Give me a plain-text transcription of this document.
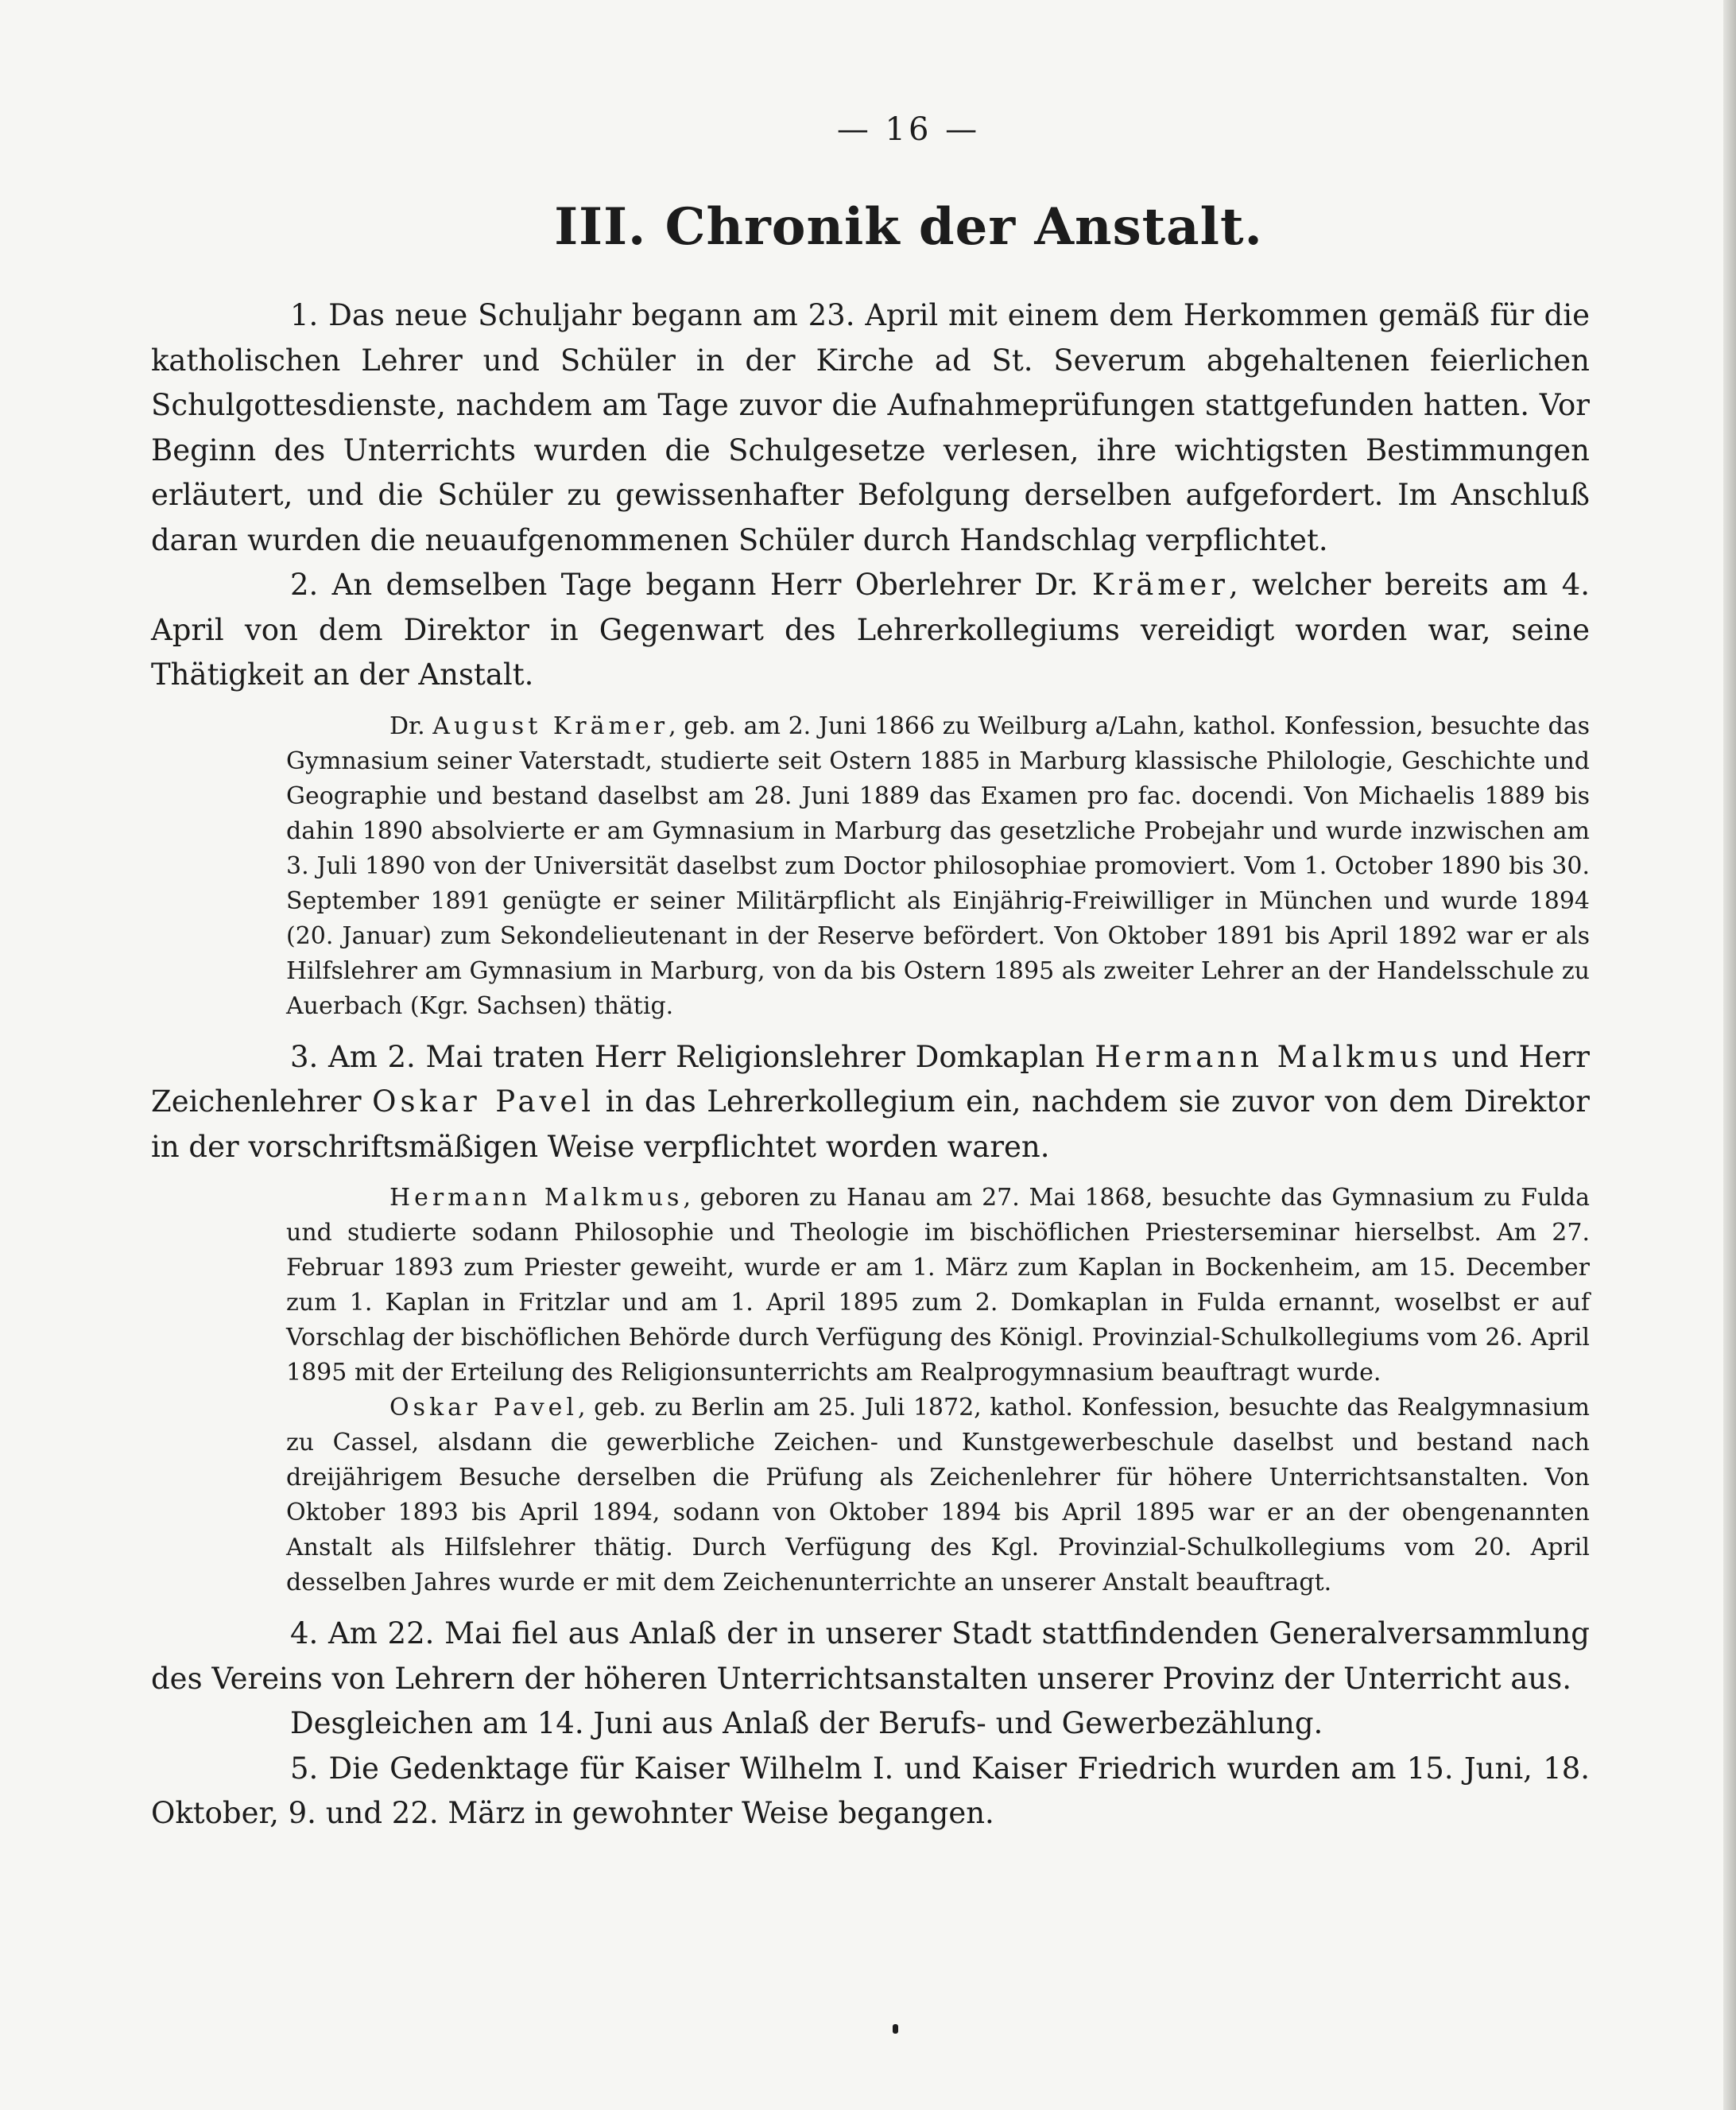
— 16 —
III. Chronik der Anstalt.

1. Das neue Schuljahr begann am 23. April mit einem dem Herkommen gemäß für die katholischen Lehrer und Schüler in der Kirche ad St. Severum abgehaltenen feierlichen Schulgottesdienste, nachdem am Tage zuvor die Aufnahmeprüfungen stattgefunden hatten. Vor Beginn des Unterrichts wurden die Schulgesetze verlesen, ihre wichtigsten Bestimmungen erläutert, und die Schüler zu gewissenhafter Befolgung derselben aufgefordert. Im Anschluß daran wurden die neuaufgenommenen Schüler durch Handschlag verpflichtet.

2. An demselben Tage begann Herr Oberlehrer Dr. Krämer, welcher bereits am 4. April von dem Direktor in Gegenwart des Lehrerkollegiums vereidigt worden war, seine Thätigkeit an der Anstalt.

Dr. August Krämer, geb. am 2. Juni 1866 zu Weilburg a/Lahn, kathol. Konfession, besuchte das Gymnasium seiner Vaterstadt, studierte seit Ostern 1885 in Marburg klassische Philologie, Geschichte und Geographie und bestand daselbst am 28. Juni 1889 das Examen pro fac. docendi. Von Michaelis 1889 bis dahin 1890 absolvierte er am Gymnasium in Marburg das gesetzliche Probejahr und wurde inzwischen am 3. Juli 1890 von der Universität daselbst zum Doctor philosophiae promoviert. Vom 1. October 1890 bis 30. September 1891 genügte er seiner Militärpflicht als Einjährig-Freiwilliger in München und wurde 1894 (20. Januar) zum Sekondelieutenant in der Reserve befördert. Von Oktober 1891 bis April 1892 war er als Hilfslehrer am Gymnasium in Marburg, von da bis Ostern 1895 als zweiter Lehrer an der Handelsschule zu Auerbach (Kgr. Sachsen) thätig.

3. Am 2. Mai traten Herr Religionslehrer Domkaplan Hermann Malkmus und Herr Zeichenlehrer Oskar Pavel in das Lehrerkollegium ein, nachdem sie zuvor von dem Direktor in der vorschriftsmäßigen Weise verpflichtet worden waren.

Hermann Malkmus, geboren zu Hanau am 27. Mai 1868, besuchte das Gymnasium zu Fulda und studierte sodann Philosophie und Theologie im bischöflichen Priesterseminar hierselbst. Am 27. Februar 1893 zum Priester geweiht, wurde er am 1. März zum Kaplan in Bockenheim, am 15. December zum 1. Kaplan in Fritzlar und am 1. April 1895 zum 2. Domkaplan in Fulda ernannt, woselbst er auf Vorschlag der bischöflichen Behörde durch Verfügung des Königl. Provinzial-Schulkollegiums vom 26. April 1895 mit der Erteilung des Religionsunterrichts am Realprogymnasium beauftragt wurde.

Oskar Pavel, geb. zu Berlin am 25. Juli 1872, kathol. Konfession, besuchte das Realgymnasium zu Cassel, alsdann die gewerbliche Zeichen- und Kunstgewerbeschule daselbst und bestand nach dreijährigem Besuche derselben die Prüfung als Zeichenlehrer für höhere Unterrichtsanstalten. Von Oktober 1893 bis April 1894, sodann von Oktober 1894 bis April 1895 war er an der obengenannten Anstalt als Hilfslehrer thätig. Durch Verfügung des Kgl. Provinzial-Schulkollegiums vom 20. April desselben Jahres wurde er mit dem Zeichenunterrichte an unserer Anstalt beauftragt.

4. Am 22. Mai fiel aus Anlaß der in unserer Stadt stattfindenden Generalversammlung des Vereins von Lehrern der höheren Unterrichtsanstalten unserer Provinz der Unterricht aus.

Desgleichen am 14. Juni aus Anlaß der Berufs- und Gewerbezählung.

5. Die Gedenktage für Kaiser Wilhelm I. und Kaiser Friedrich wurden am 15. Juni, 18. Oktober, 9. und 22. März in gewohnter Weise begangen.
